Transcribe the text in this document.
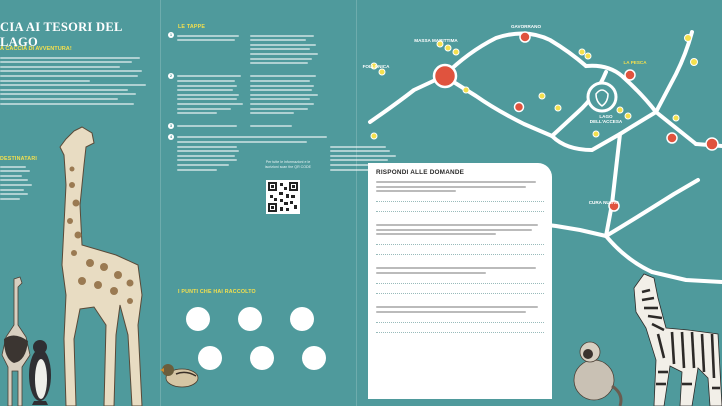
CIA AI TESORI DEL LAGO
A CACCIA DI AVVENTURA!
DESTINATARI
LE TAPPE
1
2
3
4
Per tutte le informazioni e le iscrizioni scan the QR CODE
I PUNTI CHE HAI RACCOLTO
MASSA MARITTIMA
GAVORRANO
FOLLONICA
LA PESCA
LAGO DELL'ACCESA
CURA NUOVA
RISPONDI ALLE DOMANDE
